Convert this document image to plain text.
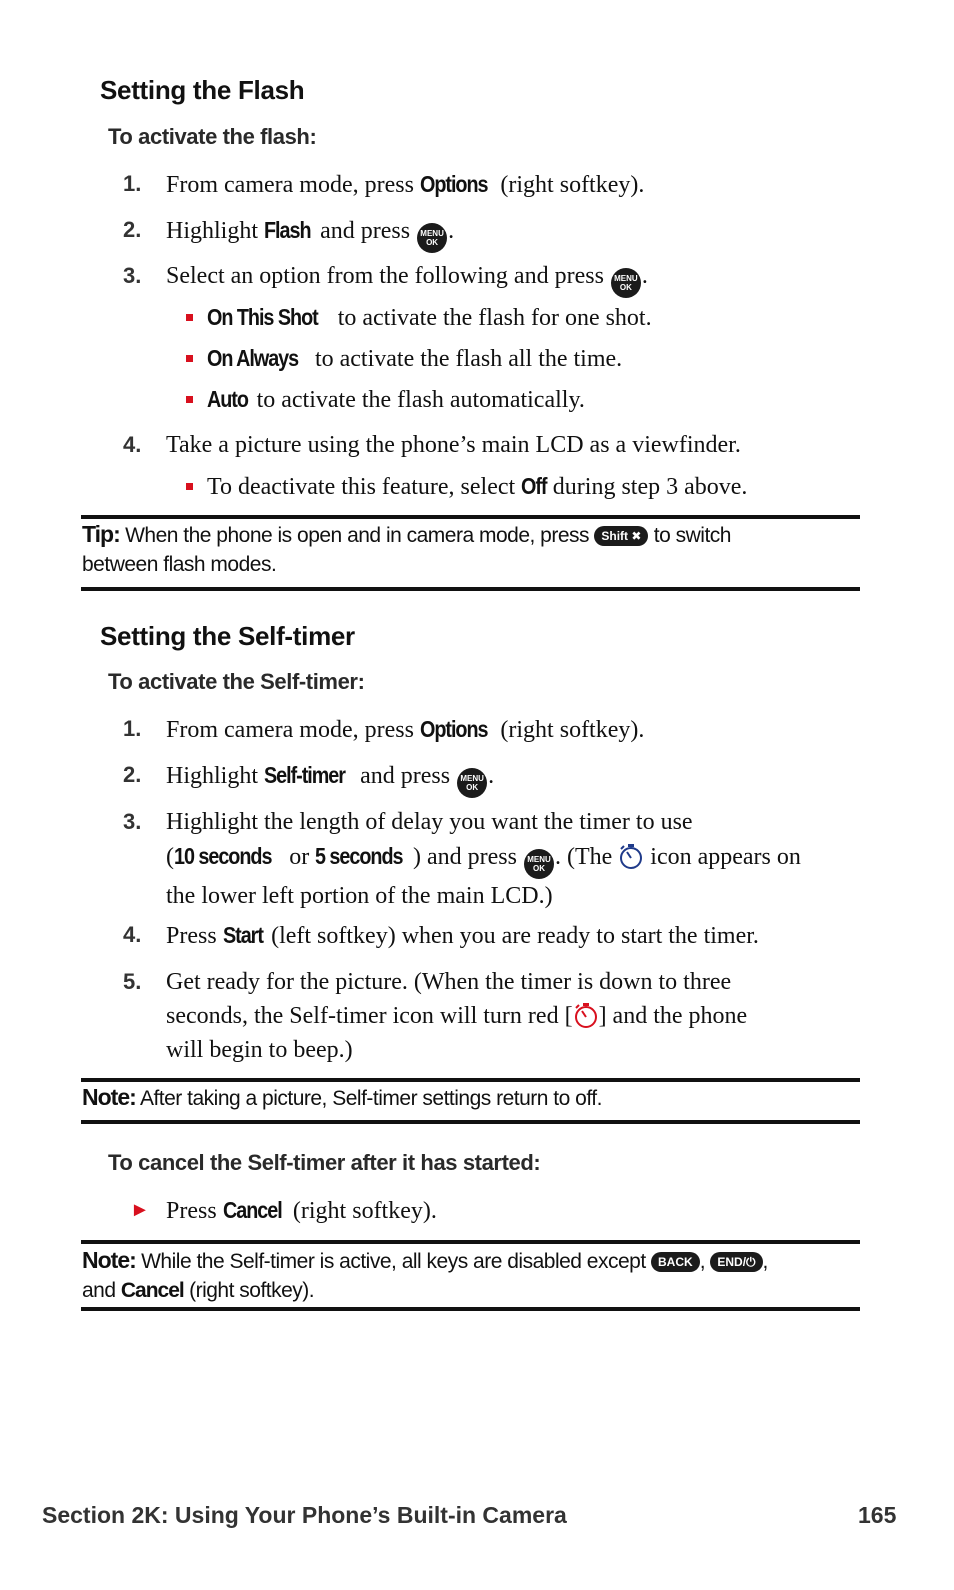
Setting the Flash
To activate the flash:
1. From camera mode, press Options (right softkey).
2. Highlight Flash and press MENU
OK .
3. Select an option from the following and press MENU
OK .
On This Shot to activate the flash for one shot.
On Always to activate the flash all the time.
Auto to activate the flash automatically.
4. Take a picture using the phone’s main LCD as a viewfinder.
To deactivate this feature, select Off during step 3 above.
Tip: When the phone is open and in camera mode, press Shift ✖ to switch
between flash modes.
Setting the Self-timer
To activate the Self-timer:
1. From camera mode, press Options (right softkey).
2. Highlight Self-timer and press MENU
OK .
3. Highlight the length of delay you want the timer to use
(10 seconds or 5 seconds ) and press MENU
OK . (The  icon appears on
the lower left portion of the main LCD.)
4. Press Start (left softkey) when you are ready to start the timer.
5. Get ready for the picture. (When the timer is down to three
seconds, the Self-timer icon will turn red [ ] and the phone
will begin to beep.)
Note: After taking a picture, Self-timer settings return to off.
To cancel the Self-timer after it has started:
► Press Cancel (right softkey).
Note: While the Self-timer is active, all keys are disabled except BACK , END/⏻ ,
and Cancel (right softkey).
Section 2K: Using Your Phone’s Built-in Camera	165
